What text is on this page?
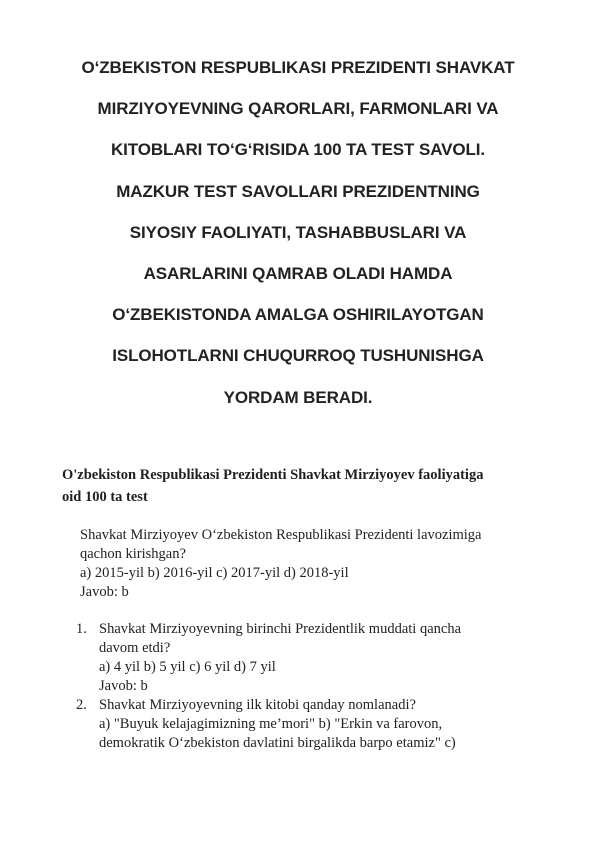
O‘ZBEKISTON RESPUBLIKASI PREZIDENTI SHAVKAT
MIRZIYOYEVNING QARORLARI, FARMONLARI VA
KITOBLARI TO‘G‘RISIDA 100 TA TEST SAVOLI.
MAZKUR TEST SAVOLLARI PREZIDENTNING
SIYOSIY FAOLIYATI, TASHABBUSLARI VA
ASARLARINI QAMRAB OLADI HAMDA
O‘ZBEKISTONDA AMALGA OSHIRILAYOTGAN
ISLOHOTLARNI CHUQURROQ TUSHUNISHGA
YORDAM BERADI.
O'zbekiston Respublikasi Prezidenti Shavkat Mirziyoyev faoliyatiga
oid 100 ta test
Shavkat Mirziyoyev O‘zbekiston Respublikasi Prezidenti lavozimiga
qachon kirishgan?
a) 2015-yil b) 2016-yil c) 2017-yil d) 2018-yil
Javob: b
1. Shavkat Mirziyoyevning birinchi Prezidentlik muddati qancha
davom etdi?
a) 4 yil b) 5 yil c) 6 yil d) 7 yil
Javob: b
2. Shavkat Mirziyoyevning ilk kitobi qanday nomlanadi?
a) "Buyuk kelajagimizning me’mori" b) "Erkin va farovon,
demokratik O‘zbekiston davlatini birgalikda barpo etamiz" c)
